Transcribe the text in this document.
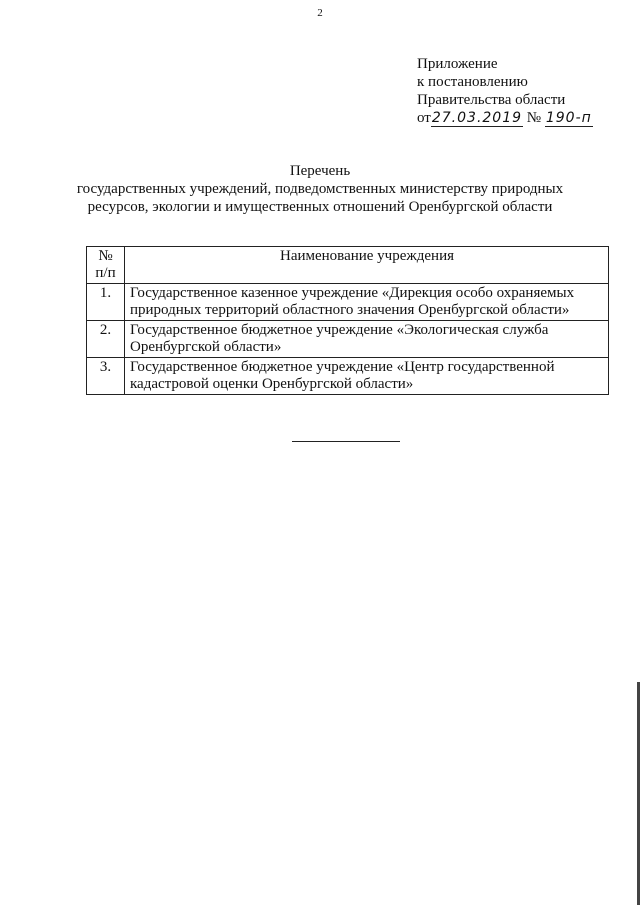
2
Приложение
к постановлению
Правительства области
от27.03.2019 № 190-п
Перечень
государственных учреждений, подведомственных министерству природных
ресурсов, экологии и имущественных отношений Оренбургской области
№
п/п	Наименование учреждения
1.	Государственное казенное учреждение «Дирекция особо охраняемых
природных территорий областного значения Оренбургской области»

2.	Государственное бюджетное учреждение «Экологическая служба
Оренбургской области»

3.	Государственное бюджетное учреждение «Центр государственной
кадастровой оценки Оренбургской области»
